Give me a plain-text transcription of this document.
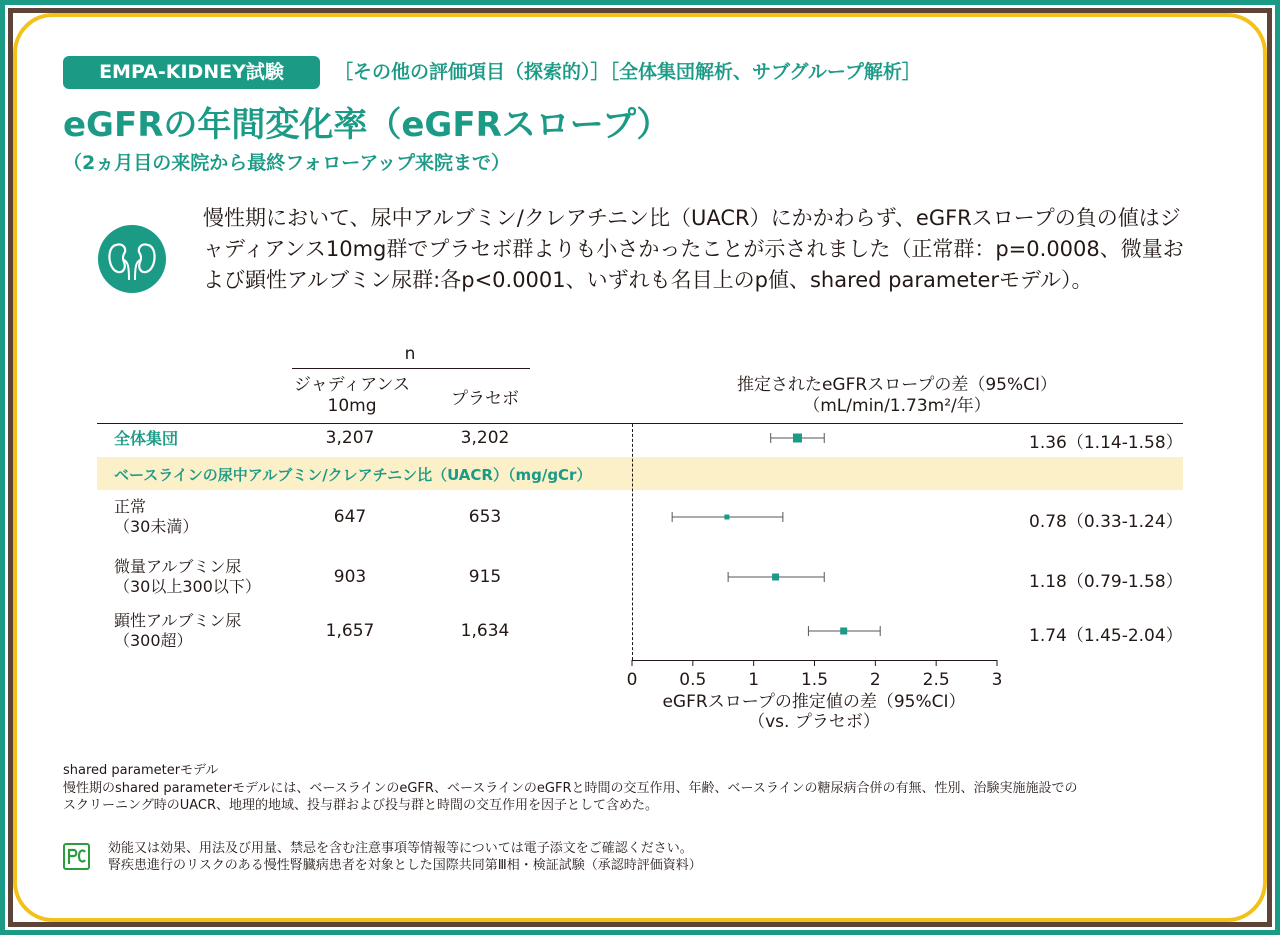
EMPA-KIDNEY試験	［その他の評価項目（探索的）］［全体集団解析、サブグループ解析］
eGFRの年間変化率（eGFRスロープ）
（2ヵ月目の来院から最終フォローアップ来院まで）
慢性期において、尿中アルブミン/クレアチニン比（UACR）にかかわらず、eGFRスロープの負の値はジャディアンス10mg群でプラセボ群よりも小さかったことが示されました（正常群：p=0.0008、微量および顕性アルブミン尿群:各p<0.0001、いずれも名目上のp値、shared parameterモデル）。
n
ジャディアンス
10mg	プラセボ
推定されたeGFRスロープの差（95%CI）
（mL/min/1.73m²/年）
全体集団	3,207	3,202	1.36（1.14-1.58）
ベースラインの尿中アルブミン/クレアチニン比（UACR）（mg/gCr）
正常
（30未満）	647	653	0.78（0.33-1.24）
微量アルブミン尿
（30以上300以下）	903	915	1.18（0.79-1.58）
顕性アルブミン尿
（300超）	1,657	1,634	1.74（1.45-2.04）
0 0.5 1 1.5 2 2.5 3
eGFRスロープの推定値の差（95%CI）
（vs. プラセボ）
shared parameterモデル
慢性期のshared parameterモデルには、ベースラインのeGFR、ベースラインのeGFRと時間の交互作用、年齢、ベースラインの糖尿病合併の有無、性別、治験実施施設での
スクリーニング時のUACR、地理的地域、投与群および投与群と時間の交互作用を因子として含めた。
効能又は効果、用法及び用量、禁忌を含む注意事項等情報等については電子添文をご確認ください。
腎疾患進行のリスクのある慢性腎臓病患者を対象とした国際共同第Ⅲ相・検証試験（承認時評価資料）
